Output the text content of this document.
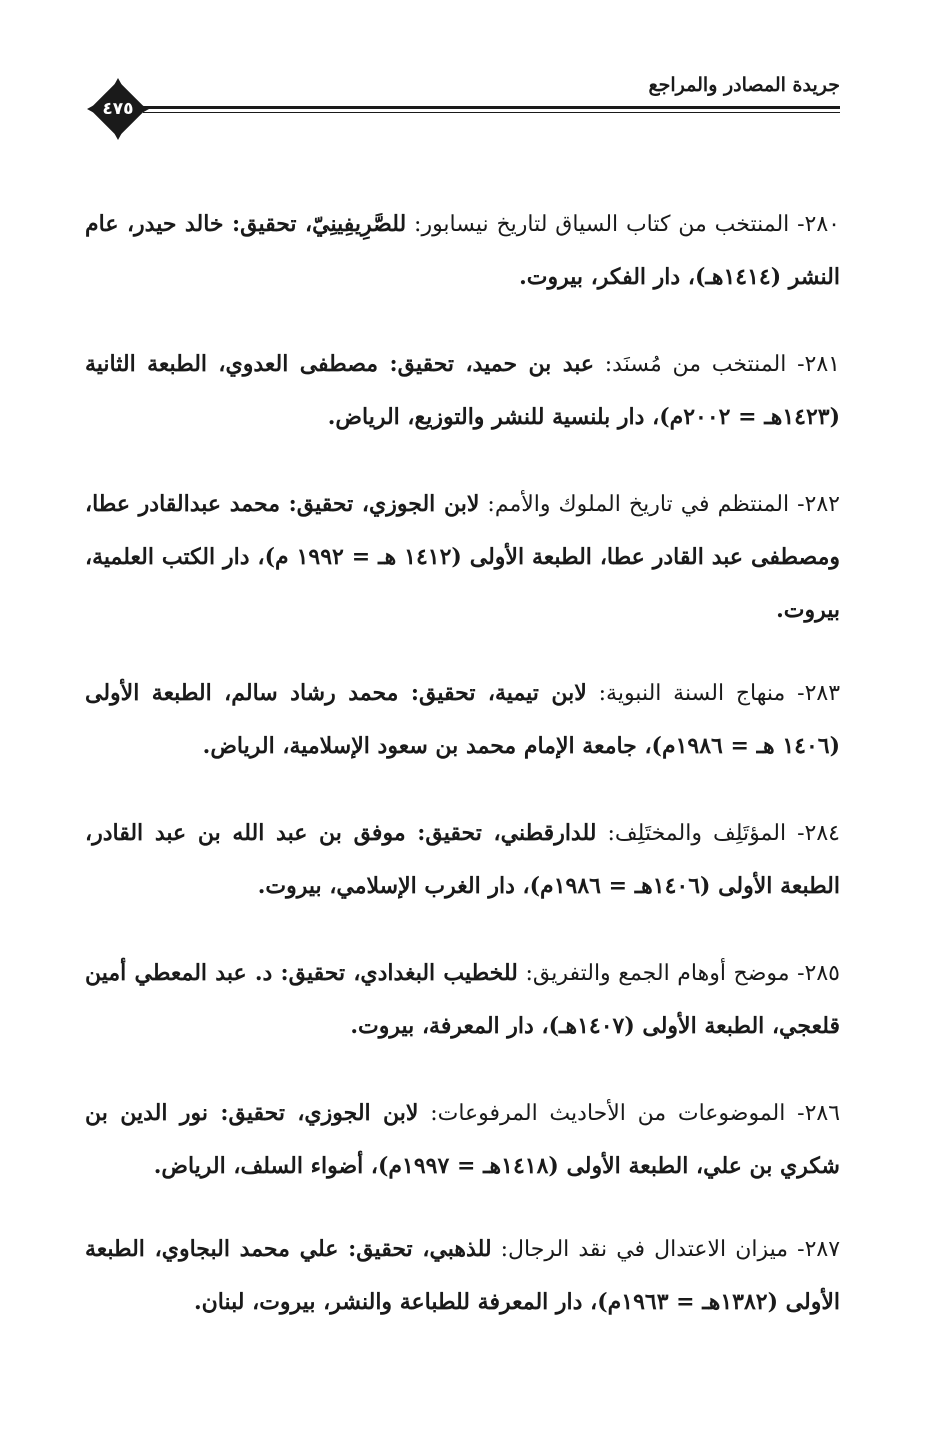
جريدة المصادر والمراجع
٤٧٥

٢٨٠- المنتخب من كتاب السياق لتاريخ نيسابور: للصَّرِيفِينِيّ، تحقيق: خالد حيدر، عام النشر (١٤١٤هـ)، دار الفكر، بيروت.

٢٨١- المنتخب من مُسنَد: عبد بن حميد، تحقيق: مصطفى العدوي، الطبعة الثانية (١٤٢٣هـ = ٢٠٠٢م)، دار بلنسية للنشر والتوزيع، الرياض.

٢٨٢- المنتظم في تاريخ الملوك والأمم: لابن الجوزي، تحقيق: محمد عبدالقادر عطا، ومصطفى عبد القادر عطا، الطبعة الأولى (١٤١٢ هـ = ١٩٩٢ م)، دار الكتب العلمية، بيروت.

٢٨٣- منهاج السنة النبوية: لابن تيمية، تحقيق: محمد رشاد سالم، الطبعة الأولى (١٤٠٦ هـ = ١٩٨٦م)، جامعة الإمام محمد بن سعود الإسلامية، الرياض.

٢٨٤- المؤتَلِف والمختَلِف: للدارقطني، تحقيق: موفق بن عبد الله بن عبد القادر، الطبعة الأولى (١٤٠٦هـ = ١٩٨٦م)، دار الغرب الإسلامي، بيروت.

٢٨٥- موضح أوهام الجمع والتفريق: للخطيب البغدادي، تحقيق: د. عبد المعطي أمين قلعجي، الطبعة الأولى (١٤٠٧هـ)، دار المعرفة، بيروت.

٢٨٦- الموضوعات من الأحاديث المرفوعات: لابن الجوزي، تحقيق: نور الدين بن شكري بن علي، الطبعة الأولى (١٤١٨هـ = ١٩٩٧م)، أضواء السلف، الرياض.

٢٨٧- ميزان الاعتدال في نقد الرجال: للذهبي، تحقيق: علي محمد البجاوي، الطبعة الأولى (١٣٨٢هـ = ١٩٦٣م)، دار المعرفة للطباعة والنشر، بيروت، لبنان.
